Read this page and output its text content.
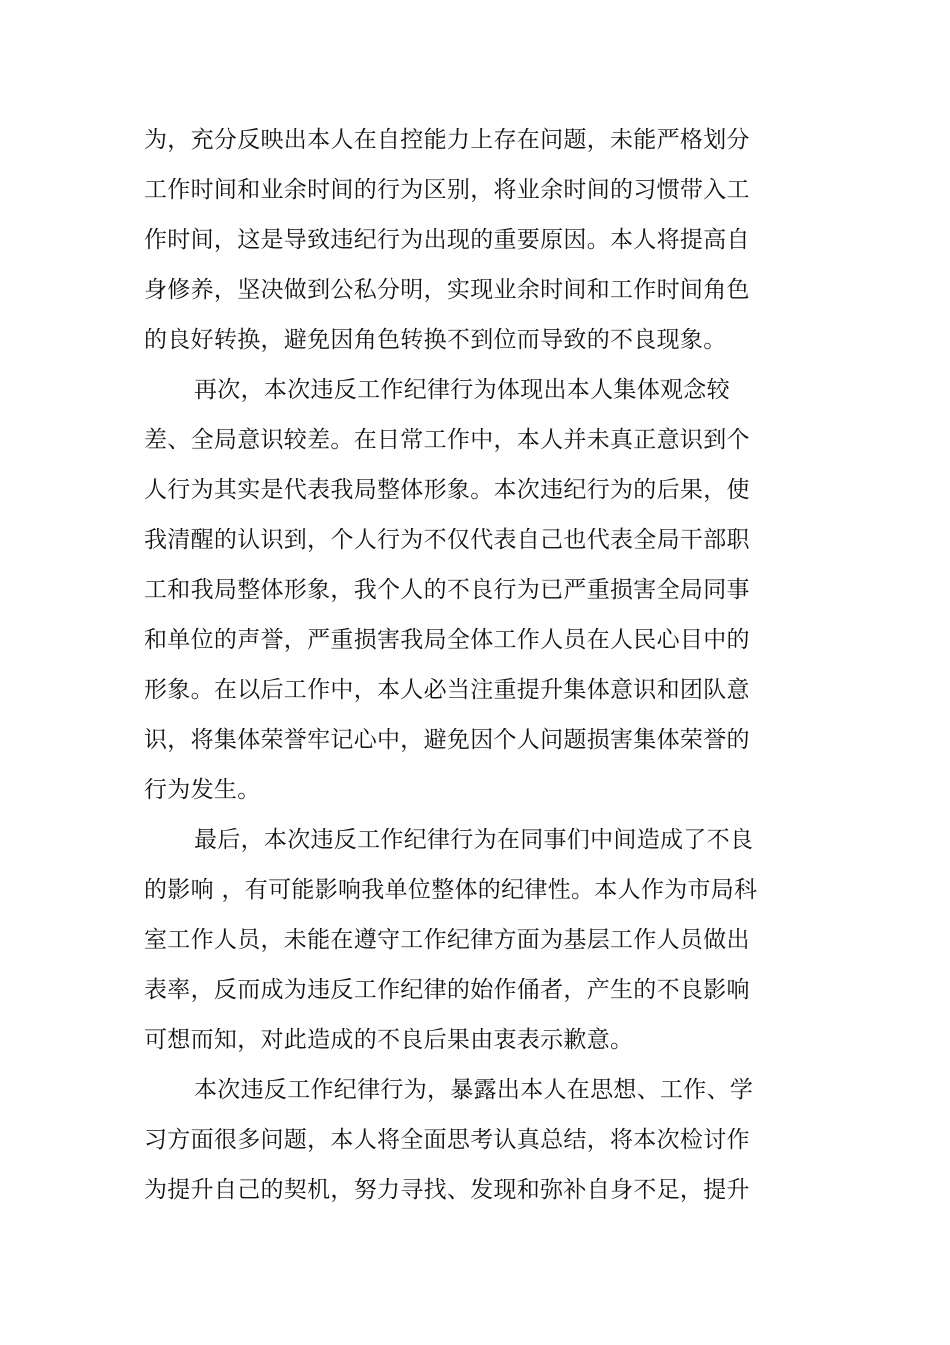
为，充分反映出本人在自控能力上存在问题，未能严格划分
工作时间和业余时间的行为区别，将业余时间的习惯带入工
作时间，这是导致违纪行为出现的重要原因。本人将提高自
身修养，坚决做到公私分明，实现业余时间和工作时间角色
的良好转换，避免因角色转换不到位而导致的不良现象。
再次，本次违反工作纪律行为体现出本人集体观念较
差、全局意识较差。在日常工作中，本人并未真正意识到个
人行为其实是代表我局整体形象。本次违纪行为的后果，使
我清醒的认识到，个人行为不仅代表自己也代表全局干部职
工和我局整体形象，我个人的不良行为已严重损害全局同事
和单位的声誉，严重损害我局全体工作人员在人民心目中的
形象。在以后工作中，本人必当注重提升集体意识和团队意
识，将集体荣誉牢记心中，避免因个人问题损害集体荣誉的
行为发生。
最后，本次违反工作纪律行为在同事们中间造成了不良
的影响 ，有可能影响我单位整体的纪律性。本人作为市局科
室工作人员，未能在遵守工作纪律方面为基层工作人员做出
表率，反而成为违反工作纪律的始作俑者，产生的不良影响
可想而知，对此造成的不良后果由衷表示歉意。
本次违反工作纪律行为，暴露出本人在思想、工作、学
习方面很多问题，本人将全面思考认真总结，将本次检讨作
为提升自己的契机，努力寻找、发现和弥补自身不足，提升
